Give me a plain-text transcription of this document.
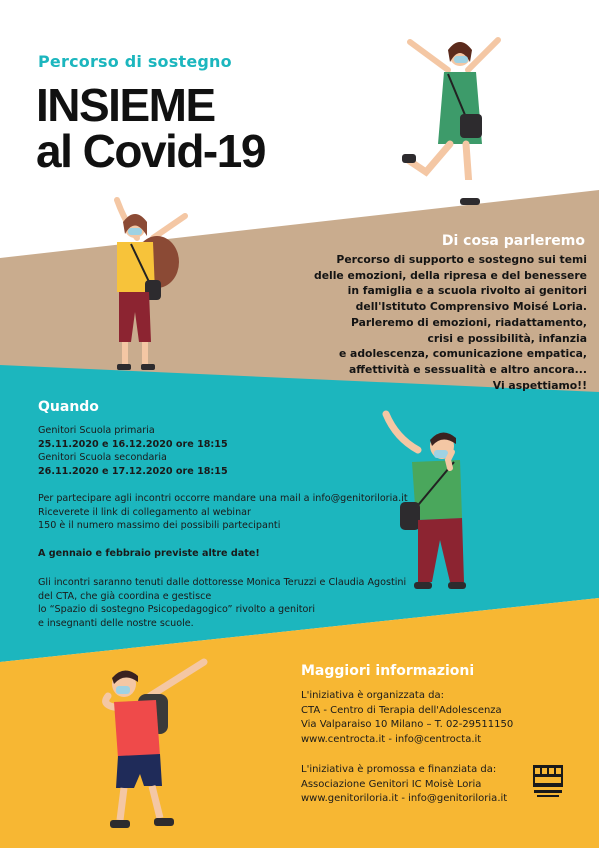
Percorso di sostegno

INSIEME
al Covid-19
Di cosa parleremo
Percorso di supporto e sostegno sui temi
delle emozioni, della ripresa e del benessere
in famiglia e a scuola rivolto ai genitori
dell'Istituto Comprensivo Moisé Loria.
Parleremo di emozioni, riadattamento,
crisi e possibilità, infanzia
e adolescenza, comunicazione empatica,
affettività e sessualità e altro ancora...
Vi aspettiamo!!
Quando
Genitori Scuola primaria
25.11.2020 e 16.12.2020 ore 18:15
Genitori Scuola secondaria
26.11.2020 e 17.12.2020 ore 18:15
Per partecipare agli incontri occorre mandare una mail a info@genitoriloria.it
Riceverete il link di collegamento al webinar
150 è il numero massimo dei possibili partecipanti
A gennaio e febbraio previste altre date!
Gli incontri saranno tenuti dalle dottoresse Monica Teruzzi e Claudia Agostini
del CTA, che già coordina e gestisce
lo “Spazio di sostegno Psicopedagogico” rivolto a genitori
e insegnanti delle nostre scuole.
Maggiori informazioni
L'iniziativa è organizzata da:
CTA - Centro di Terapia dell'Adolescenza
Via Valparaiso 10 Milano – T. 02-29511150
www.centrocta.it - info@centrocta.it
L'iniziativa è promossa e finanziata da:
Associazione Genitori IC Moisè Loria
www.genitoriloria.it - info@genitoriloria.it
